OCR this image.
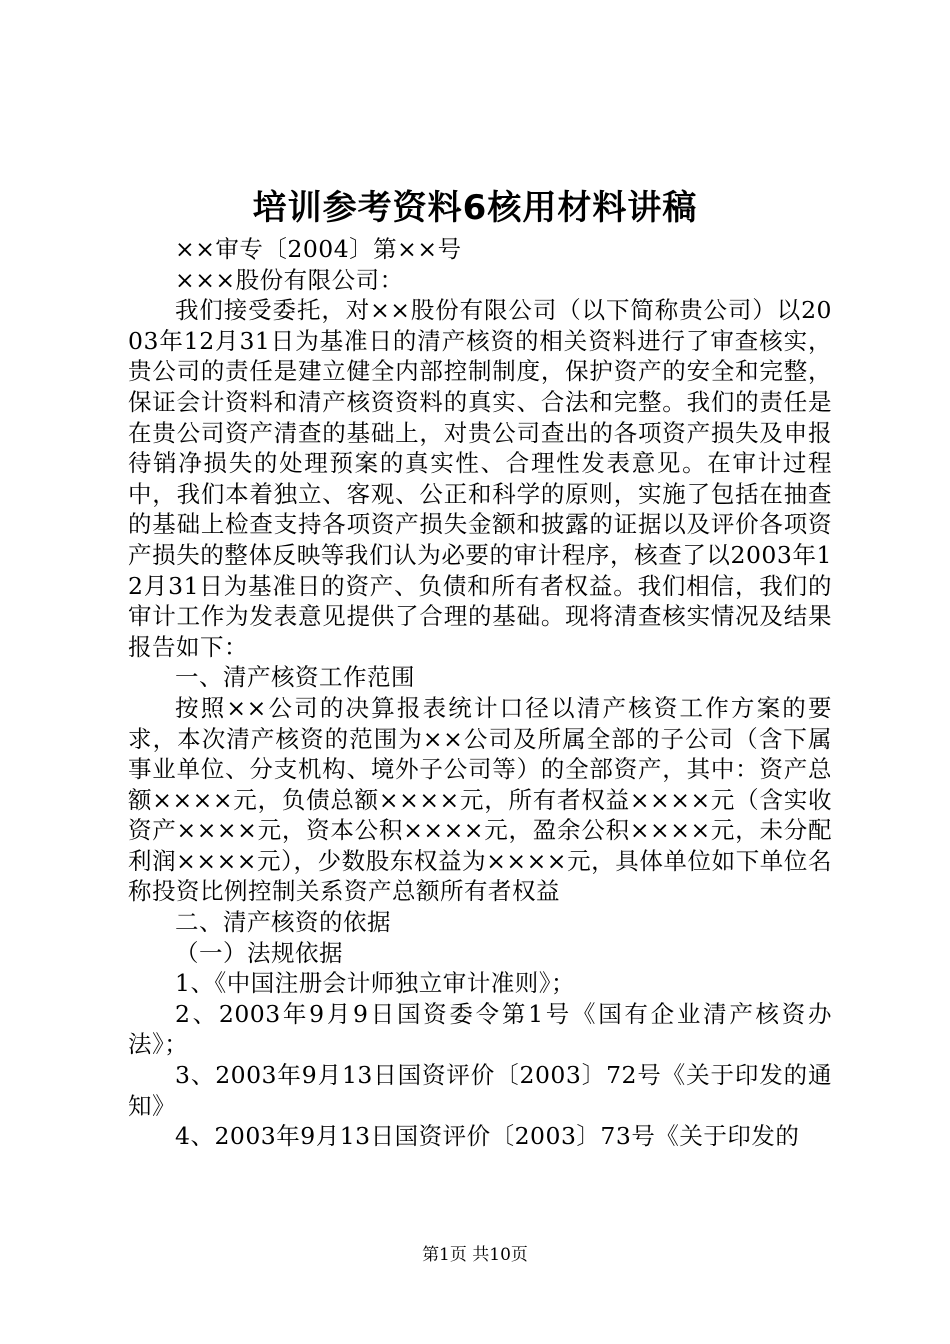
培训参考资料6核用材料讲稿

××审专〔2004〕第××号

×××股份有限公司：

我们接受委托，对××股份有限公司（以下简称贵公司）以2003年12月31日为基准日的清产核资的相关资料进行了审查核实，贵公司的责任是建立健全内部控制制度，保护资产的安全和完整，保证会计资料和清产核资资料的真实、合法和完整。我们的责任是在贵公司资产清查的基础上，对贵公司查出的各项资产损失及申报待销净损失的处理预案的真实性、合理性发表意见。在审计过程中，我们本着独立、客观、公正和科学的原则，实施了包括在抽查的基础上检查支持各项资产损失金额和披露的证据以及评价各项资产损失的整体反映等我们认为必要的审计程序，核查了以2003年12月31日为基准日的资产、负债和所有者权益。我们相信，我们的审计工作为发表意见提供了合理的基础。现将清查核实情况及结果报告如下：

一、清产核资工作范围

按照××公司的决算报表统计口径以清产核资工作方案的要求，本次清产核资的范围为××公司及所属全部的子公司（含下属事业单位、分支机构、境外子公司等）的全部资产，其中：资产总额××××元，负债总额××××元，所有者权益××××元（含实收资产××××元，资本公积××××元，盈余公积××××元，未分配利润××××元），少数股东权益为××××元，具体单位如下单位名称投资比例控制关系资产总额所有者权益

二、清产核资的依据

（一）法规依据

1、《中国注册会计师独立审计准则》；

2、2003年9月9日国资委令第1号《国有企业清产核资办法》；

3、2003年9月13日国资评价〔2003〕72号《关于印发的通知》

4、2003年9月13日国资评价〔2003〕73号《关于印发的

第1页 共10页
